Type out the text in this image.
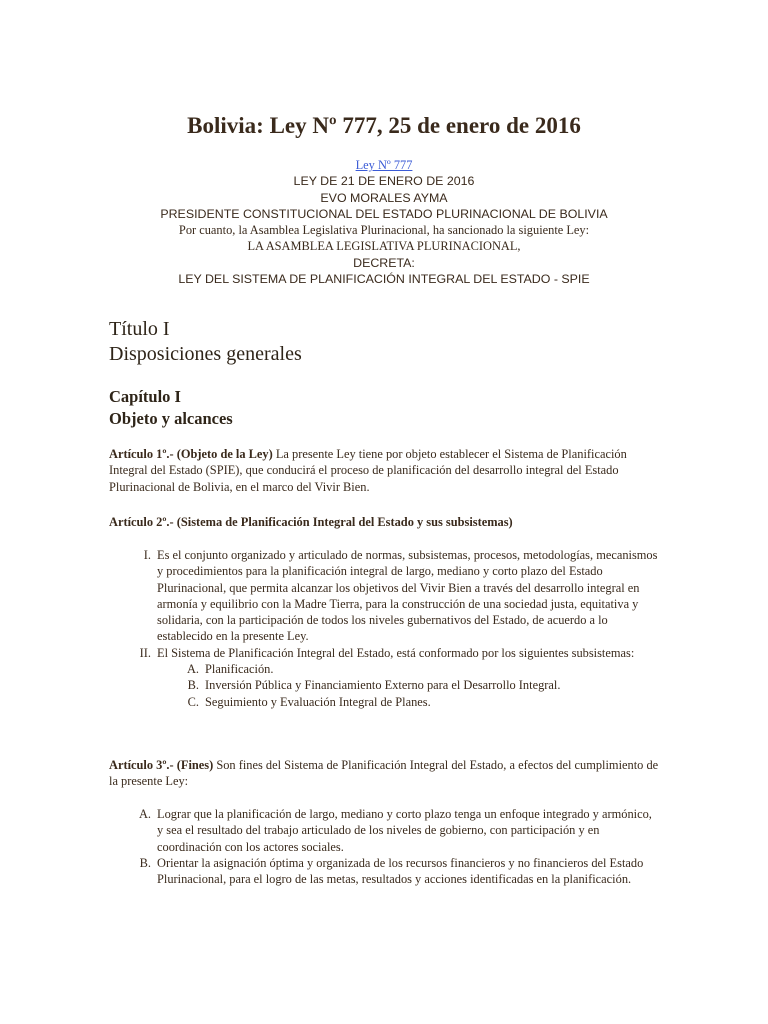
Bolivia: Ley Nº 777, 25 de enero de 2016
Ley Nº 777
LEY DE 21 DE ENERO DE 2016
EVO MORALES AYMA
PRESIDENTE CONSTITUCIONAL DEL ESTADO PLURINACIONAL DE BOLIVIA
Por cuanto, la Asamblea Legislativa Plurinacional, ha sancionado la siguiente Ley:
LA ASAMBLEA LEGISLATIVA PLURINACIONAL,
DECRETA:
LEY DEL SISTEMA DE PLANIFICACIÓN INTEGRAL DEL ESTADO - SPIE
Título I
Disposiciones generales
Capítulo I
Objeto y alcances

Artículo 1º.- (Objeto de la Ley) La presente Ley tiene por objeto establecer el Sistema de Planificación Integral del Estado (SPIE), que conducirá el proceso de planificación del desarrollo integral del Estado Plurinacional de Bolivia, en el marco del Vivir Bien.

Artículo 2º.- (Sistema de Planificación Integral del Estado y sus subsistemas)

I. Es el conjunto organizado y articulado de normas, subsistemas, procesos, metodologías, mecanismos y procedimientos para la planificación integral de largo, mediano y corto plazo del Estado Plurinacional, que permita alcanzar los objetivos del Vivir Bien a través del desarrollo integral en armonía y equilibrio con la Madre Tierra, para la construcción de una sociedad justa, equitativa y solidaria, con la participación de todos los niveles gubernativos del Estado, de acuerdo a lo establecido en la presente Ley.
II. El Sistema de Planificación Integral del Estado, está conformado por los siguientes subsistemas:
A. Planificación.
B. Inversión Pública y Financiamiento Externo para el Desarrollo Integral.
C. Seguimiento y Evaluación Integral de Planes.

Artículo 3º.- (Fines) Son fines del Sistema de Planificación Integral del Estado, a efectos del cumplimiento de la presente Ley:

A. Lograr que la planificación de largo, mediano y corto plazo tenga un enfoque integrado y armónico, y sea el resultado del trabajo articulado de los niveles de gobierno, con participación y en coordinación con los actores sociales.
B. Orientar la asignación óptima y organizada de los recursos financieros y no financieros del Estado Plurinacional, para el logro de las metas, resultados y acciones identificadas en la planificación.
